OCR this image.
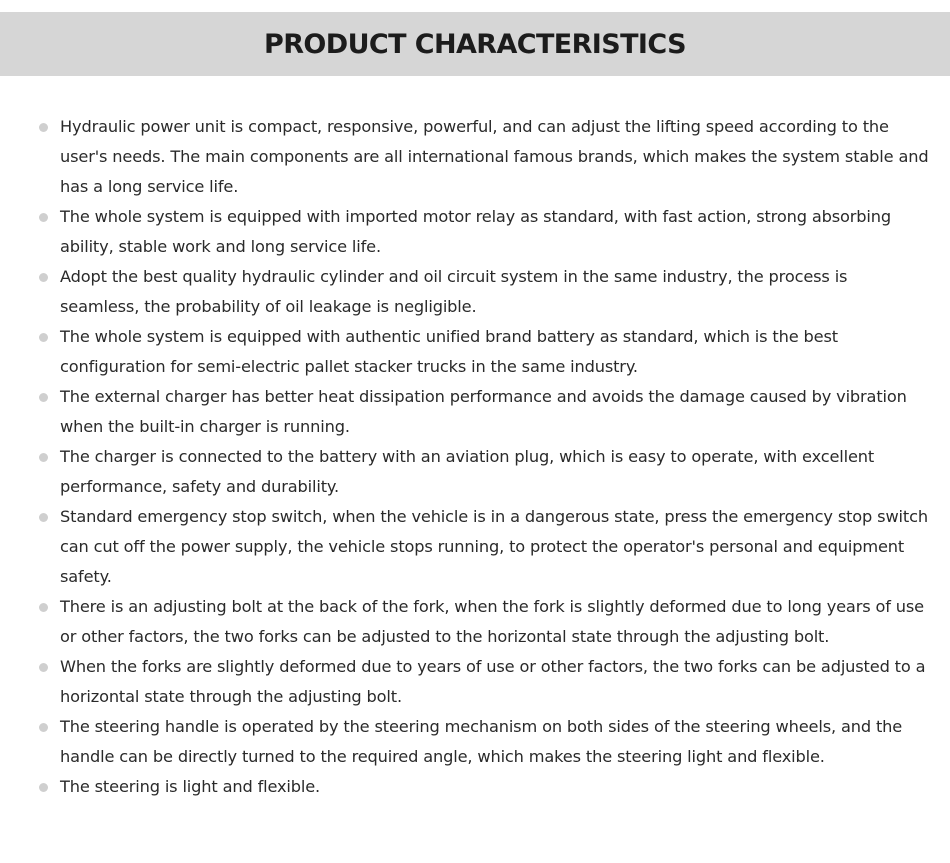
PRODUCT CHARACTERISTICS
Hydraulic power unit is compact, responsive, powerful, and can adjust the lifting speed according to the user's needs. The main components are all international famous brands, which makes the system stable and has a long service life.
The whole system is equipped with imported motor relay as standard, with fast action, strong absorbing ability, stable work and long service life.
Adopt the best quality hydraulic cylinder and oil circuit system in the same industry, the process is seamless, the probability of oil leakage is negligible.
The whole system is equipped with authentic unified brand battery as standard, which is the best configuration for semi-electric pallet stacker trucks in the same industry.
The external charger has better heat dissipation performance and avoids the damage caused by vibration when the built-in charger is running.
The charger is connected to the battery with an aviation plug, which is easy to operate, with excellent performance, safety and durability.
Standard emergency stop switch, when the vehicle is in a dangerous state, press the emergency stop switch can cut off the power supply, the vehicle stops running, to protect the operator's personal and equipment safety.
There is an adjusting bolt at the back of the fork, when the fork is slightly deformed due to long years of use or other factors, the two forks can be adjusted to the horizontal state through the adjusting bolt.
When the forks are slightly deformed due to years of use or other factors, the two forks can be adjusted to a horizontal state through the adjusting bolt.
The steering handle is operated by the steering mechanism on both sides of the steering wheels, and the handle can be directly turned to the required angle, which makes the steering light and flexible.
The steering is light and flexible.
